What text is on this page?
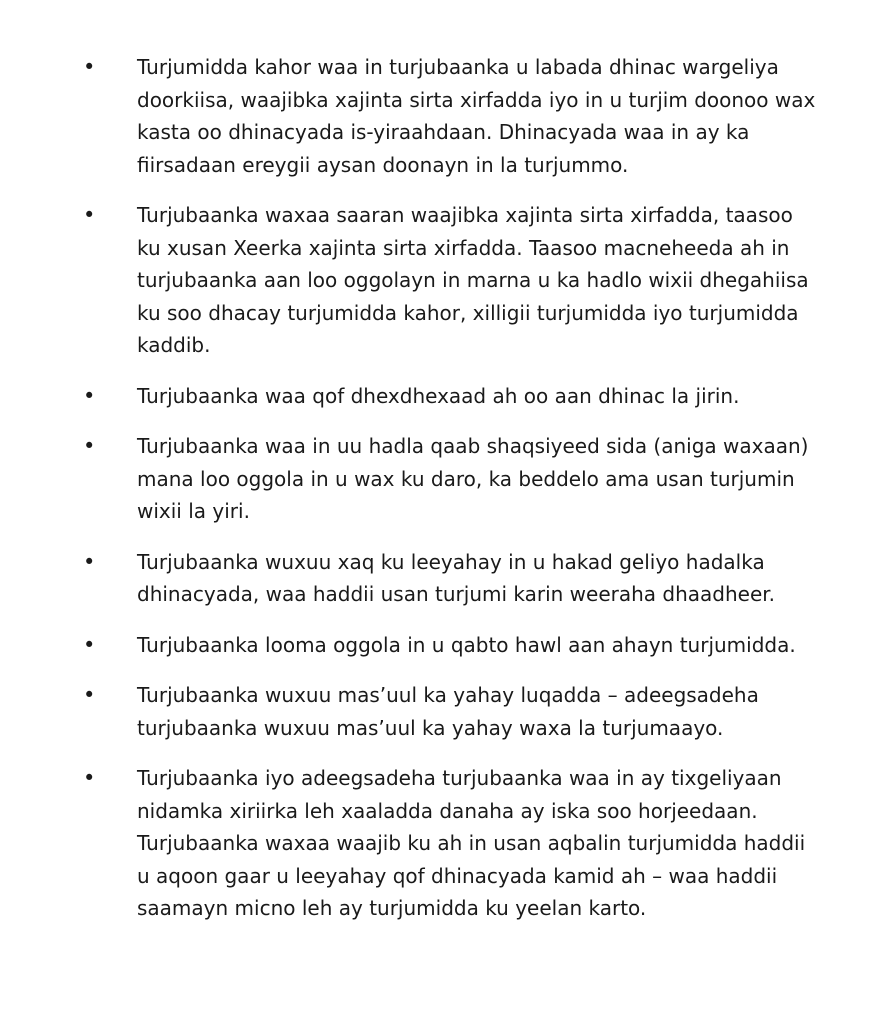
• Turjumidda kahor waa in turjubaanka u labada dhinac wargeliya doorkiisa, waajibka xajinta sirta xirfadda iyo in u turjim doonoo wax kasta oo dhinacyada is-yiraahdaan. Dhinacyada waa in ay ka fiirsadaan ereygii aysan doonayn in la turjummo.
• Turjubaanka waxaa saaran waajibka xajinta sirta xirfadda, taasoo ku xusan Xeerka xajinta sirta xirfadda. Taasoo macneheeda ah in turjubaanka aan loo oggolayn in marna u ka hadlo wixii dhegahiisa ku soo dhacay turjumidda kahor, xilligii turjumidda iyo turjumidda kaddib.
• Turjubaanka waa qof dhexdhexaad ah oo aan dhinac la jirin.
• Turjubaanka waa in uu hadla qaab shaqsiyeed sida (aniga waxaan) mana loo oggola in u wax ku daro, ka beddelo ama usan turjumin wixii la yiri.
• Turjubaanka wuxuu xaq ku leeyahay in u hakad geliyo hadalka dhinacyada, waa haddii usan turjumi karin weeraha dhaadheer.
• Turjubaanka looma oggola in u qabto hawl aan ahayn turjumidda.
• Turjubaanka wuxuu mas’uul ka yahay luqadda – adeegsadeha turjubaanka wuxuu mas’uul ka yahay waxa la turjumaayo.
• Turjubaanka iyo adeegsadeha turjubaanka waa in ay tixgeliyaan nidamka xiriirka leh xaaladda danaha ay iska soo horjeedaan. Turjubaanka waxaa waajib ku ah in usan aqbalin turjumidda haddii u aqoon gaar u leeyahay qof dhinacyada kamid ah – waa haddii saamayn micno leh ay turjumidda ku yeelan karto.
